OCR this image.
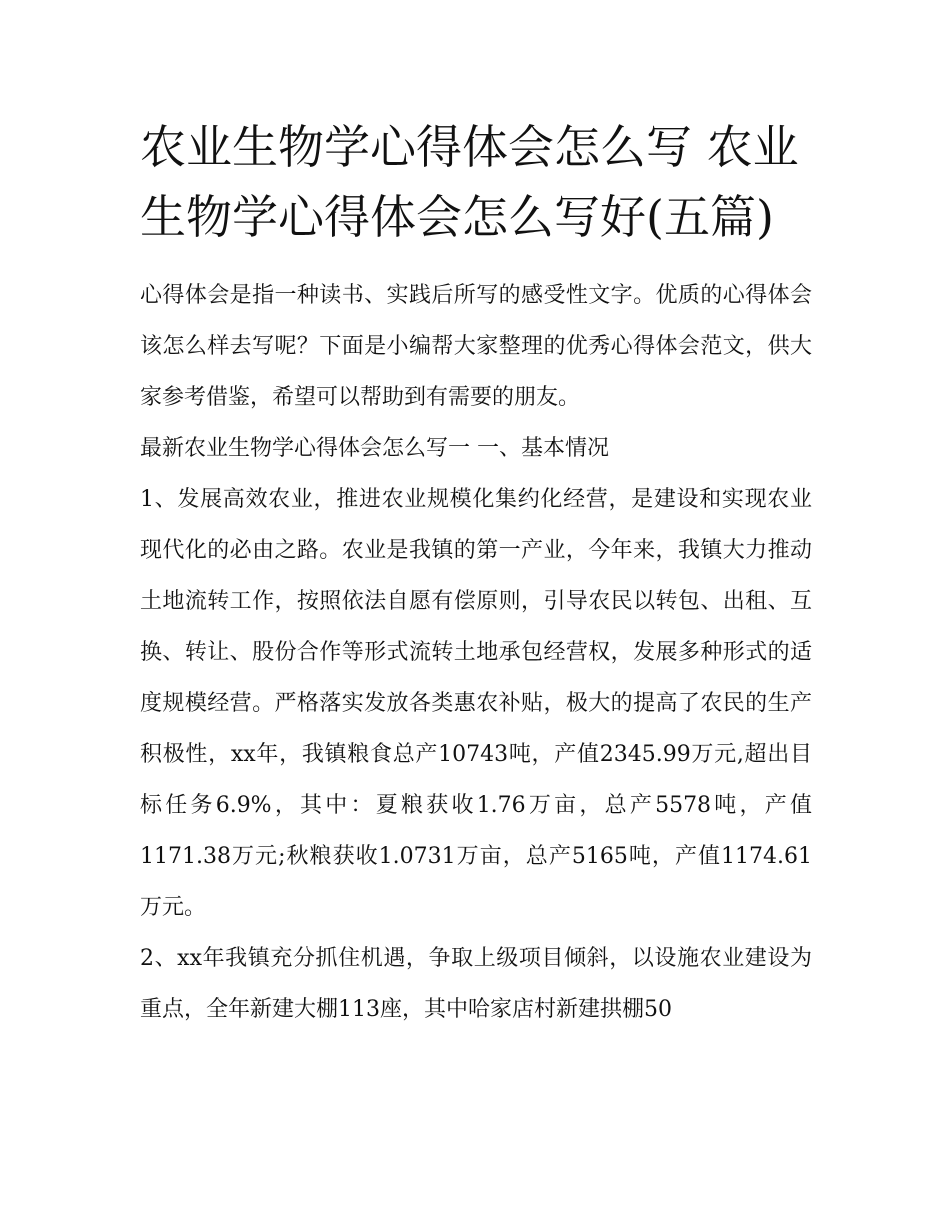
农业生物学心得体会怎么写 农业生物学心得体会怎么写好(五篇)

心得体会是指一种读书、实践后所写的感受性文字。优质的心得体会该怎么样去写呢？下面是小编帮大家整理的优秀心得体会范文，供大家参考借鉴，希望可以帮助到有需要的朋友。

最新农业生物学心得体会怎么写一 一、基本情况

1、发展高效农业，推进农业规模化集约化经营，是建设和实现农业现代化的必由之路。农业是我镇的第一产业，今年来，我镇大力推动土地流转工作，按照依法自愿有偿原则，引导农民以转包、出租、互换、转让、股份合作等形式流转土地承包经营权，发展多种形式的适度规模经营。严格落实发放各类惠农补贴，极大的提高了农民的生产积极性，xx年，我镇粮食总产10743吨，产值2345.99万元,超出目标任务6.9%，其中：夏粮获收1.76万亩，总产5578吨，产值1171.38万元;秋粮获收1.0731万亩，总产5165吨，产值1174.61万元。

2、xx年我镇充分抓住机遇，争取上级项目倾斜，以设施农业建设为重点，全年新建大棚113座，其中哈家店村新建拱棚50
